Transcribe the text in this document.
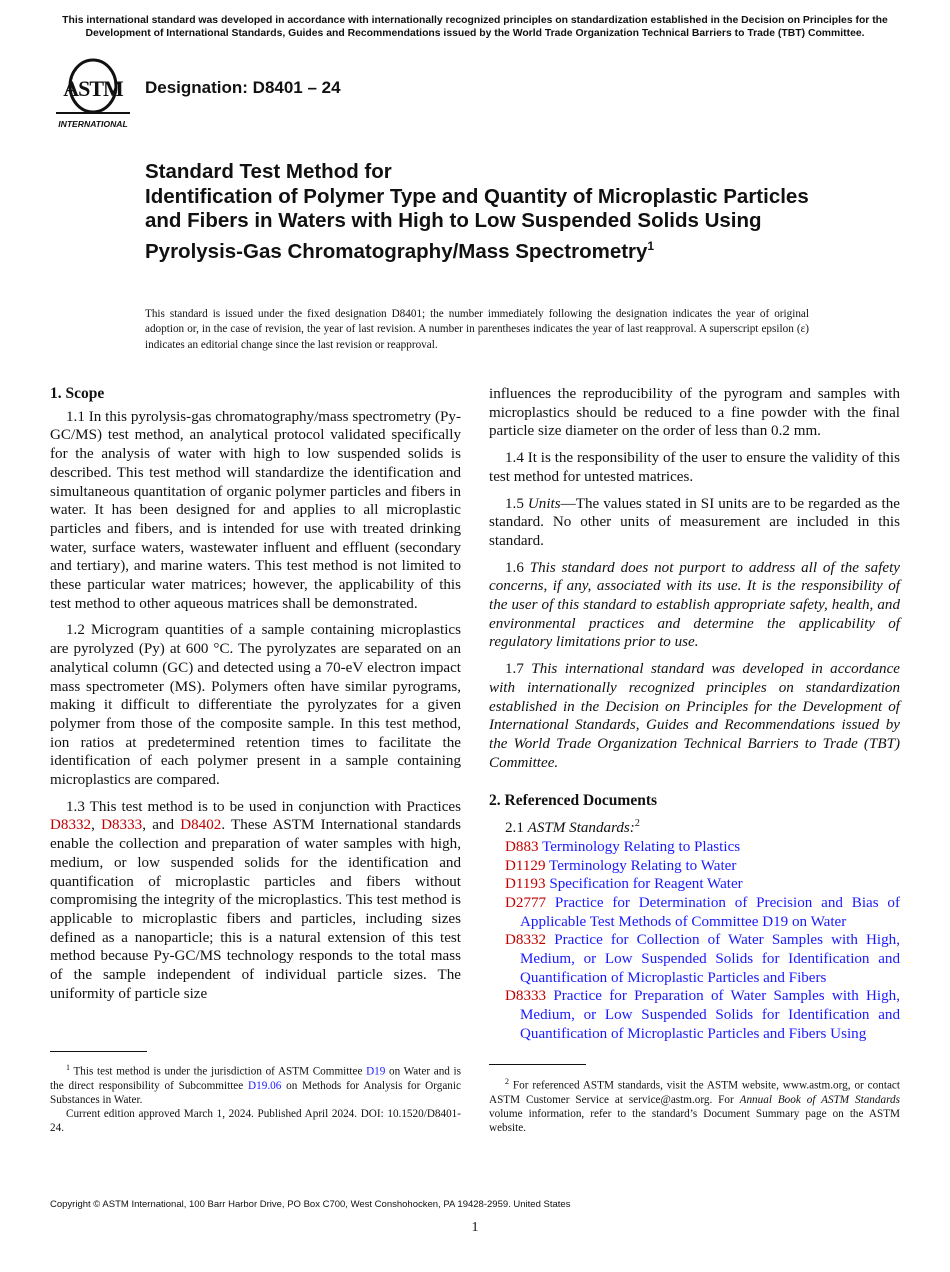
This international standard was developed in accordance with internationally recognized principles on standardization established in the Decision on Principles for the Development of International Standards, Guides and Recommendations issued by the World Trade Organization Technical Barriers to Trade (TBT) Committee.
ASTM
INTERNATIONAL
Designation: D8401 – 24
Standard Test Method for
Identification of Polymer Type and Quantity of Microplastic Particles and Fibers in Waters with High to Low Suspended Solids Using Pyrolysis-Gas Chromatography/Mass Spectrometry$^1$
This standard is issued under the fixed designation D8401; the number immediately following the designation indicates the year of original adoption or, in the case of revision, the year of last revision. A number in parentheses indicates the year of last reapproval. A superscript epsilon (ε) indicates an editorial change since the last revision or reapproval.
1. Scope

1.1 In this pyrolysis-gas chromatography/mass spectrometry (Py-GC/MS) test method, an analytical protocol validated specifically for the analysis of water with high to low suspended solids is described. This test method will standardize the identification and simultaneous quantitation of organic polymer particles and fibers in water. It has been designed for and applies to all microplastic particles and fibers, and is intended for use with treated drinking water, surface waters, wastewater influent and effluent (secondary and tertiary), and marine waters. This test method is not limited to these particular water matrices; however, the applicability of this test method to other aqueous matrices shall be demonstrated.

1.2 Microgram quantities of a sample containing microplastics are pyrolyzed (Py) at 600 °C. The pyrolyzates are separated on an analytical column (GC) and detected using a 70-eV electron impact mass spectrometer (MS). Polymers often have similar pyrograms, making it difficult to differentiate the pyrolyzates for a given polymer from those of the composite sample. In this test method, ion ratios at predetermined retention times to facilitate the identification of each polymer present in a sample containing microplastics are compared.

1.3 This test method is to be used in conjunction with Practices D8332, D8333, and D8402. These ASTM International standards enable the collection and preparation of water samples with high, medium, or low suspended solids for the identification and quantification of microplastic particles and fibers without compromising the integrity of the microplastics. This test method is applicable to microplastic fibers and particles, including sizes defined as a nanoparticle; this is a natural extension of this test method because Py-GC/MS technology responds to the total mass of the sample independent of individual particle sizes. The uniformity of particle size

influences the reproducibility of the pyrogram and samples with microplastics should be reduced to a fine powder with the final particle size diameter on the order of less than 0.2 mm.

1.4 It is the responsibility of the user to ensure the validity of this test method for untested matrices.

1.5 Units—The values stated in SI units are to be regarded as the standard. No other units of measurement are included in this standard.

1.6 This standard does not purport to address all of the safety concerns, if any, associated with its use. It is the responsibility of the user of this standard to establish appropriate safety, health, and environmental practices and determine the applicability of regulatory limitations prior to use.

1.7 This international standard was developed in accordance with internationally recognized principles on standardization established in the Decision on Principles for the Development of International Standards, Guides and Recommendations issued by the World Trade Organization Technical Barriers to Trade (TBT) Committee.

2. Referenced Documents
2.1 ASTM Standards:$^2$
D883 Terminology Relating to Plastics
D1129 Terminology Relating to Water
D1193 Specification for Reagent Water
D2777 Practice for Determination of Precision and Bias of Applicable Test Methods of Committee D19 on Water
D8332 Practice for Collection of Water Samples with High, Medium, or Low Suspended Solids for Identification and Quantification of Microplastic Particles and Fibers
D8333 Practice for Preparation of Water Samples with High, Medium, or Low Suspended Solids for Identification and Quantification of Microplastic Particles and Fibers Using

$^1$ This test method is under the jurisdiction of ASTM Committee D19 on Water and is the direct responsibility of Subcommittee D19.06 on Methods for Analysis for Organic Substances in Water.

Current edition approved March 1, 2024. Published April 2024. DOI: 10.1520/D8401-24.

$^2$ For referenced ASTM standards, visit the ASTM website, www.astm.org, or contact ASTM Customer Service at service@astm.org. For Annual Book of ASTM Standards volume information, refer to the standard’s Document Summary page on the ASTM website.

Copyright © ASTM International, 100 Barr Harbor Drive, PO Box C700, West Conshohocken, PA 19428-2959. United States
1
